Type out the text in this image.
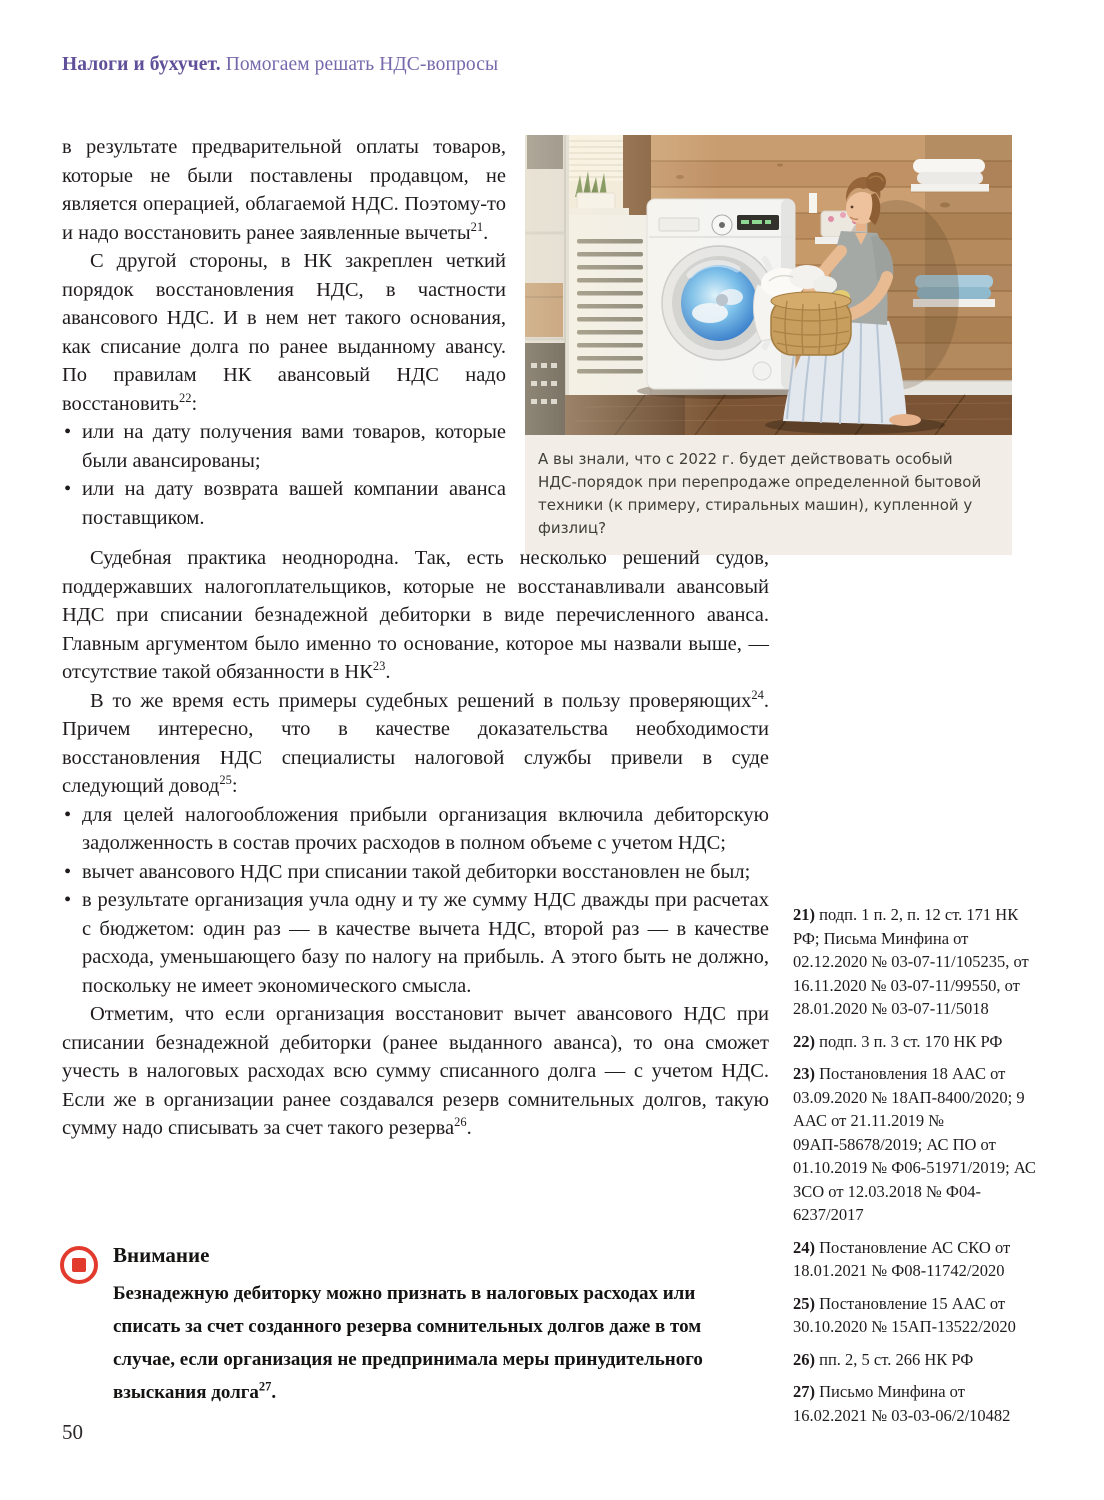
Налоги и бухучет. Помогаем решать НДС-вопросы

в результате предварительной оплаты товаров, которые не были поставлены продавцом, не является операцией, облагаемой НДС. Поэтому-то и надо восстановить ранее заявленные вычеты$^{21}$.

С другой стороны, в НК закреплен четкий порядок восстановления НДС, в частности авансового НДС. И в нем нет такого основания, как списание долга по ранее выданному авансу. По правилам НК авансовый НДС надо восстановить$^{22}$:

• или на дату получения вами товаров, которые были авансированы;
• или на дату возврата вашей компании аванса поставщиком.
А вы знали, что с 2022 г. будет действовать особый НДС-порядок при перепродаже определенной бытовой техники (к примеру, стиральных машин), купленной у физлиц?

Судебная практика неоднородна. Так, есть несколько решений судов, поддержавших налогоплательщиков, которые не восстанавливали авансовый НДС при списании безнадежной дебиторки в виде перечисленного аванса. Главным аргументом было именно то основание, которое мы назвали выше, — отсутствие такой обязанности в НК$^{23}$.

В то же время есть примеры судебных решений в пользу проверяющих$^{24}$. Причем интересно, что в качестве доказательства необходимости восстановления НДС специалисты налоговой службы привели в суде следующий довод$^{25}$:

• для целей налогообложения прибыли организация включила дебиторскую задолженность в состав прочих расходов в полном объеме с учетом НДС;
• вычет авансового НДС при списании такой дебиторки восстановлен не был;
• в результате организация учла одну и ту же сумму НДС дважды при расчетах с бюджетом: один раз — в качестве вычета НДС, второй раз — в качестве расхода, уменьшающего базу по налогу на прибыль. А этого быть не должно, поскольку не имеет экономического смысла.

Отметим, что если организация восстановит вычет авансового НДС при списании безнадежной дебиторки (ранее выданного аванса), то она сможет учесть в налоговых расходах всю сумму списанного долга — с учетом НДС. Если же в организации ранее создавался резерв сомнительных долгов, такую сумму надо списывать за счет такого резерва$^{26}$.

21) подп. 1 п. 2, п. 12 ст. 171 НК РФ; Письма Минфина от 02.12.2020 № 03-07-11/105235, от 16.11.2020 № 03-07-11/99550, от 28.01.2020 № 03-07-11/5018

22) подп. 3 п. 3 ст. 170 НК РФ

23) Постановления 18 ААС от 03.09.2020 № 18АП-8400/2020; 9 ААС от 21.11.2019 № 09АП-58678/2019; АС ПО от 01.10.2019 № Ф06-51971/2019; АС ЗСО от 12.03.2018 № Ф04-6237/2017

24) Постановление АС СКО от 18.01.2021 № Ф08-11742/2020

25) Постановление 15 ААС от 30.10.2020 № 15АП-13522/2020

26) пп. 2, 5 ст. 266 НК РФ

27) Письмо Минфина от 16.02.2021 № 03-03-06/2/10482

Внимание

Безнадежную дебиторку можно признать в налоговых расходах или списать за счет созданного резерва сомнительных долгов даже в том случае, если организация не предпринимала меры принудительного взыскания долга$^{27}$.

50
